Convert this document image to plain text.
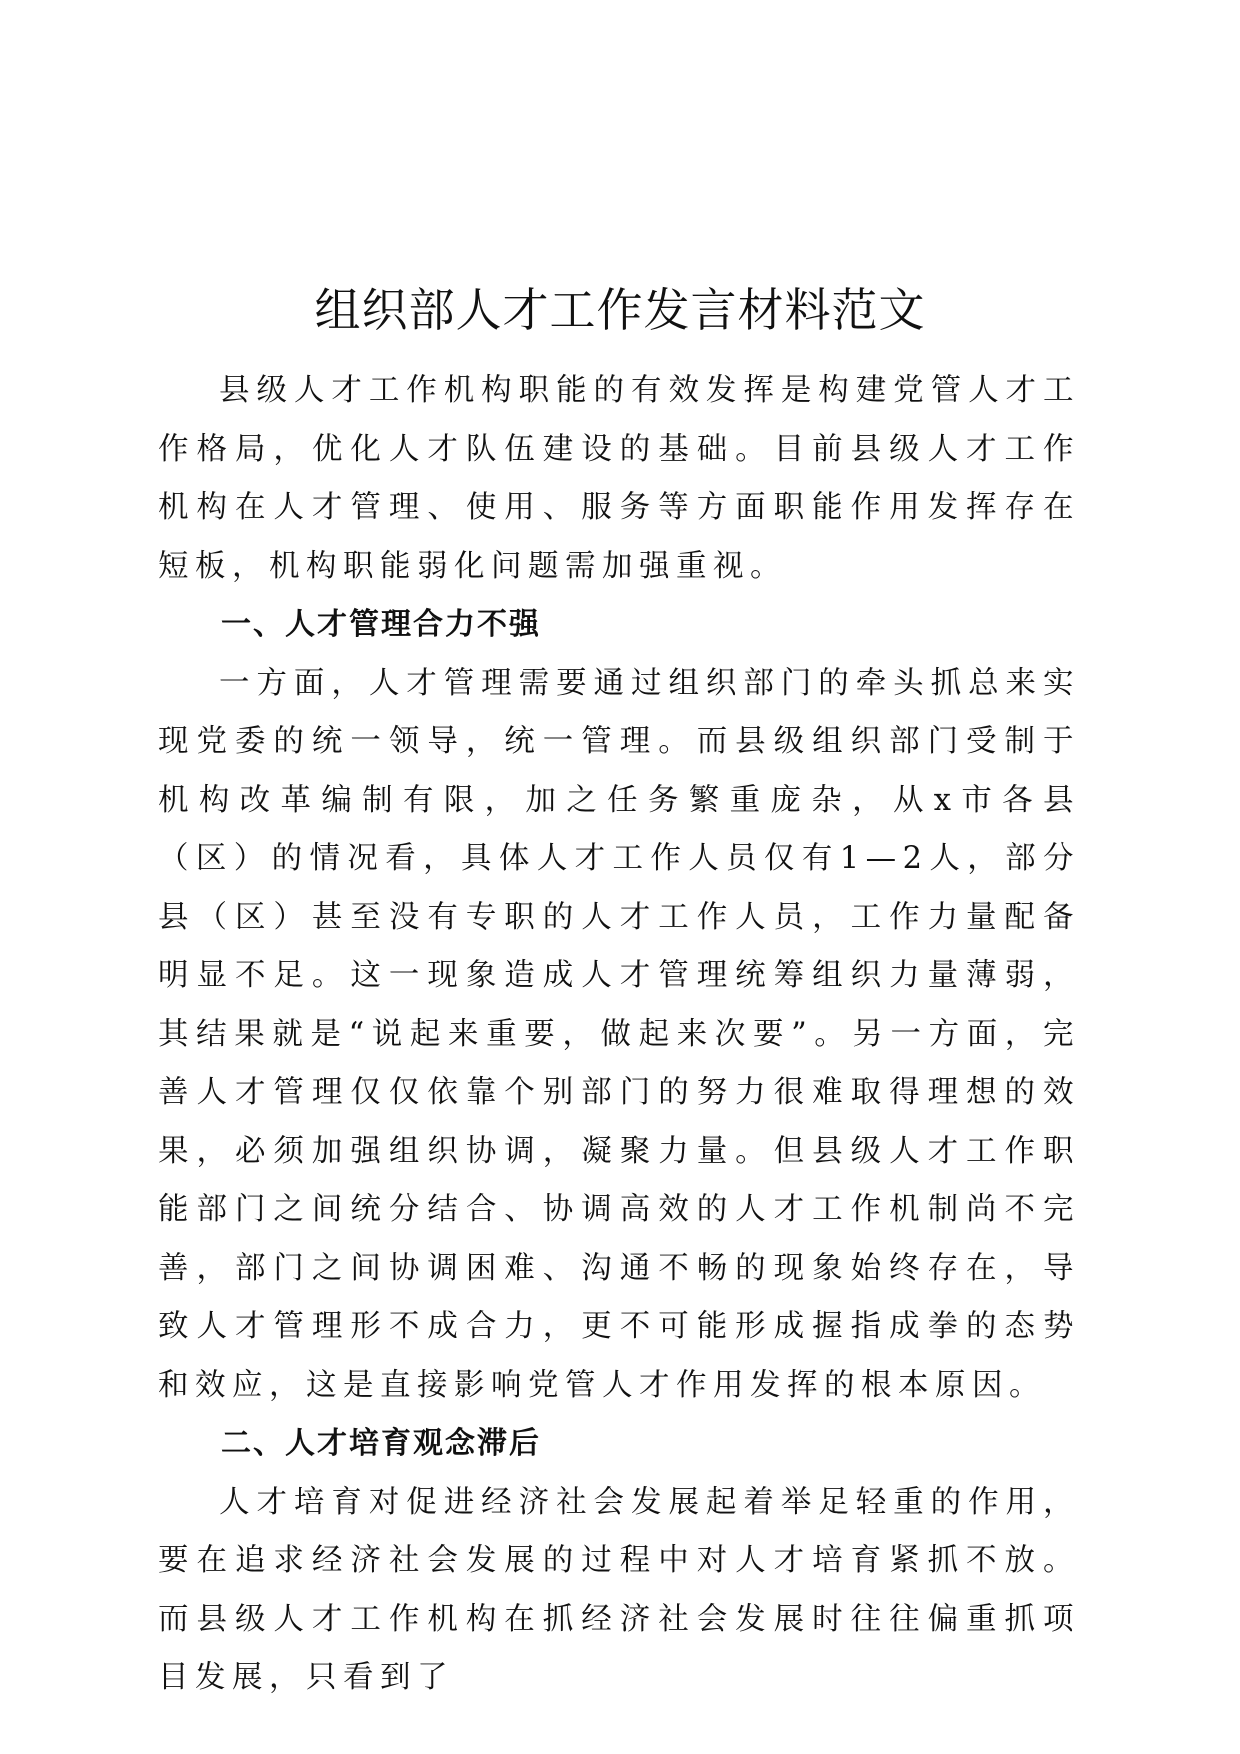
组织部人才工作发言材料范文

县级人才工作机构职能的有效发挥是构建党管人才工作格局，优化人才队伍建设的基础。目前县级人才工作机构在人才管理、使用、服务等方面职能作用发挥存在短板，机构职能弱化问题需加强重视。

一、人才管理合力不强

一方面，人才管理需要通过组织部门的牵头抓总来实现党委的统一领导，统一管理。而县级组织部门受制于机构改革编制有限，加之任务繁重庞杂，从x市各县（区）的情况看，具体人才工作人员仅有1—2人，部分县（区）甚至没有专职的人才工作人员，工作力量配备明显不足。这一现象造成人才管理统筹组织力量薄弱，其结果就是“说起来重要，做起来次要”。另一方面，完善人才管理仅仅依靠个别部门的努力很难取得理想的效果，必须加强组织协调，凝聚力量。但县级人才工作职能部门之间统分结合、协调高效的人才工作机制尚不完善，部门之间协调困难、沟通不畅的现象始终存在，导致人才管理形不成合力，更不可能形成握指成拳的态势和效应，这是直接影响党管人才作用发挥的根本原因。

二、人才培育观念滞后

人才培育对促进经济社会发展起着举足轻重的作用，要在追求经济社会发展的过程中对人才培育紧抓不放。而县级人才工作机构在抓经济社会发展时往往偏重抓项目发展，只看到了
